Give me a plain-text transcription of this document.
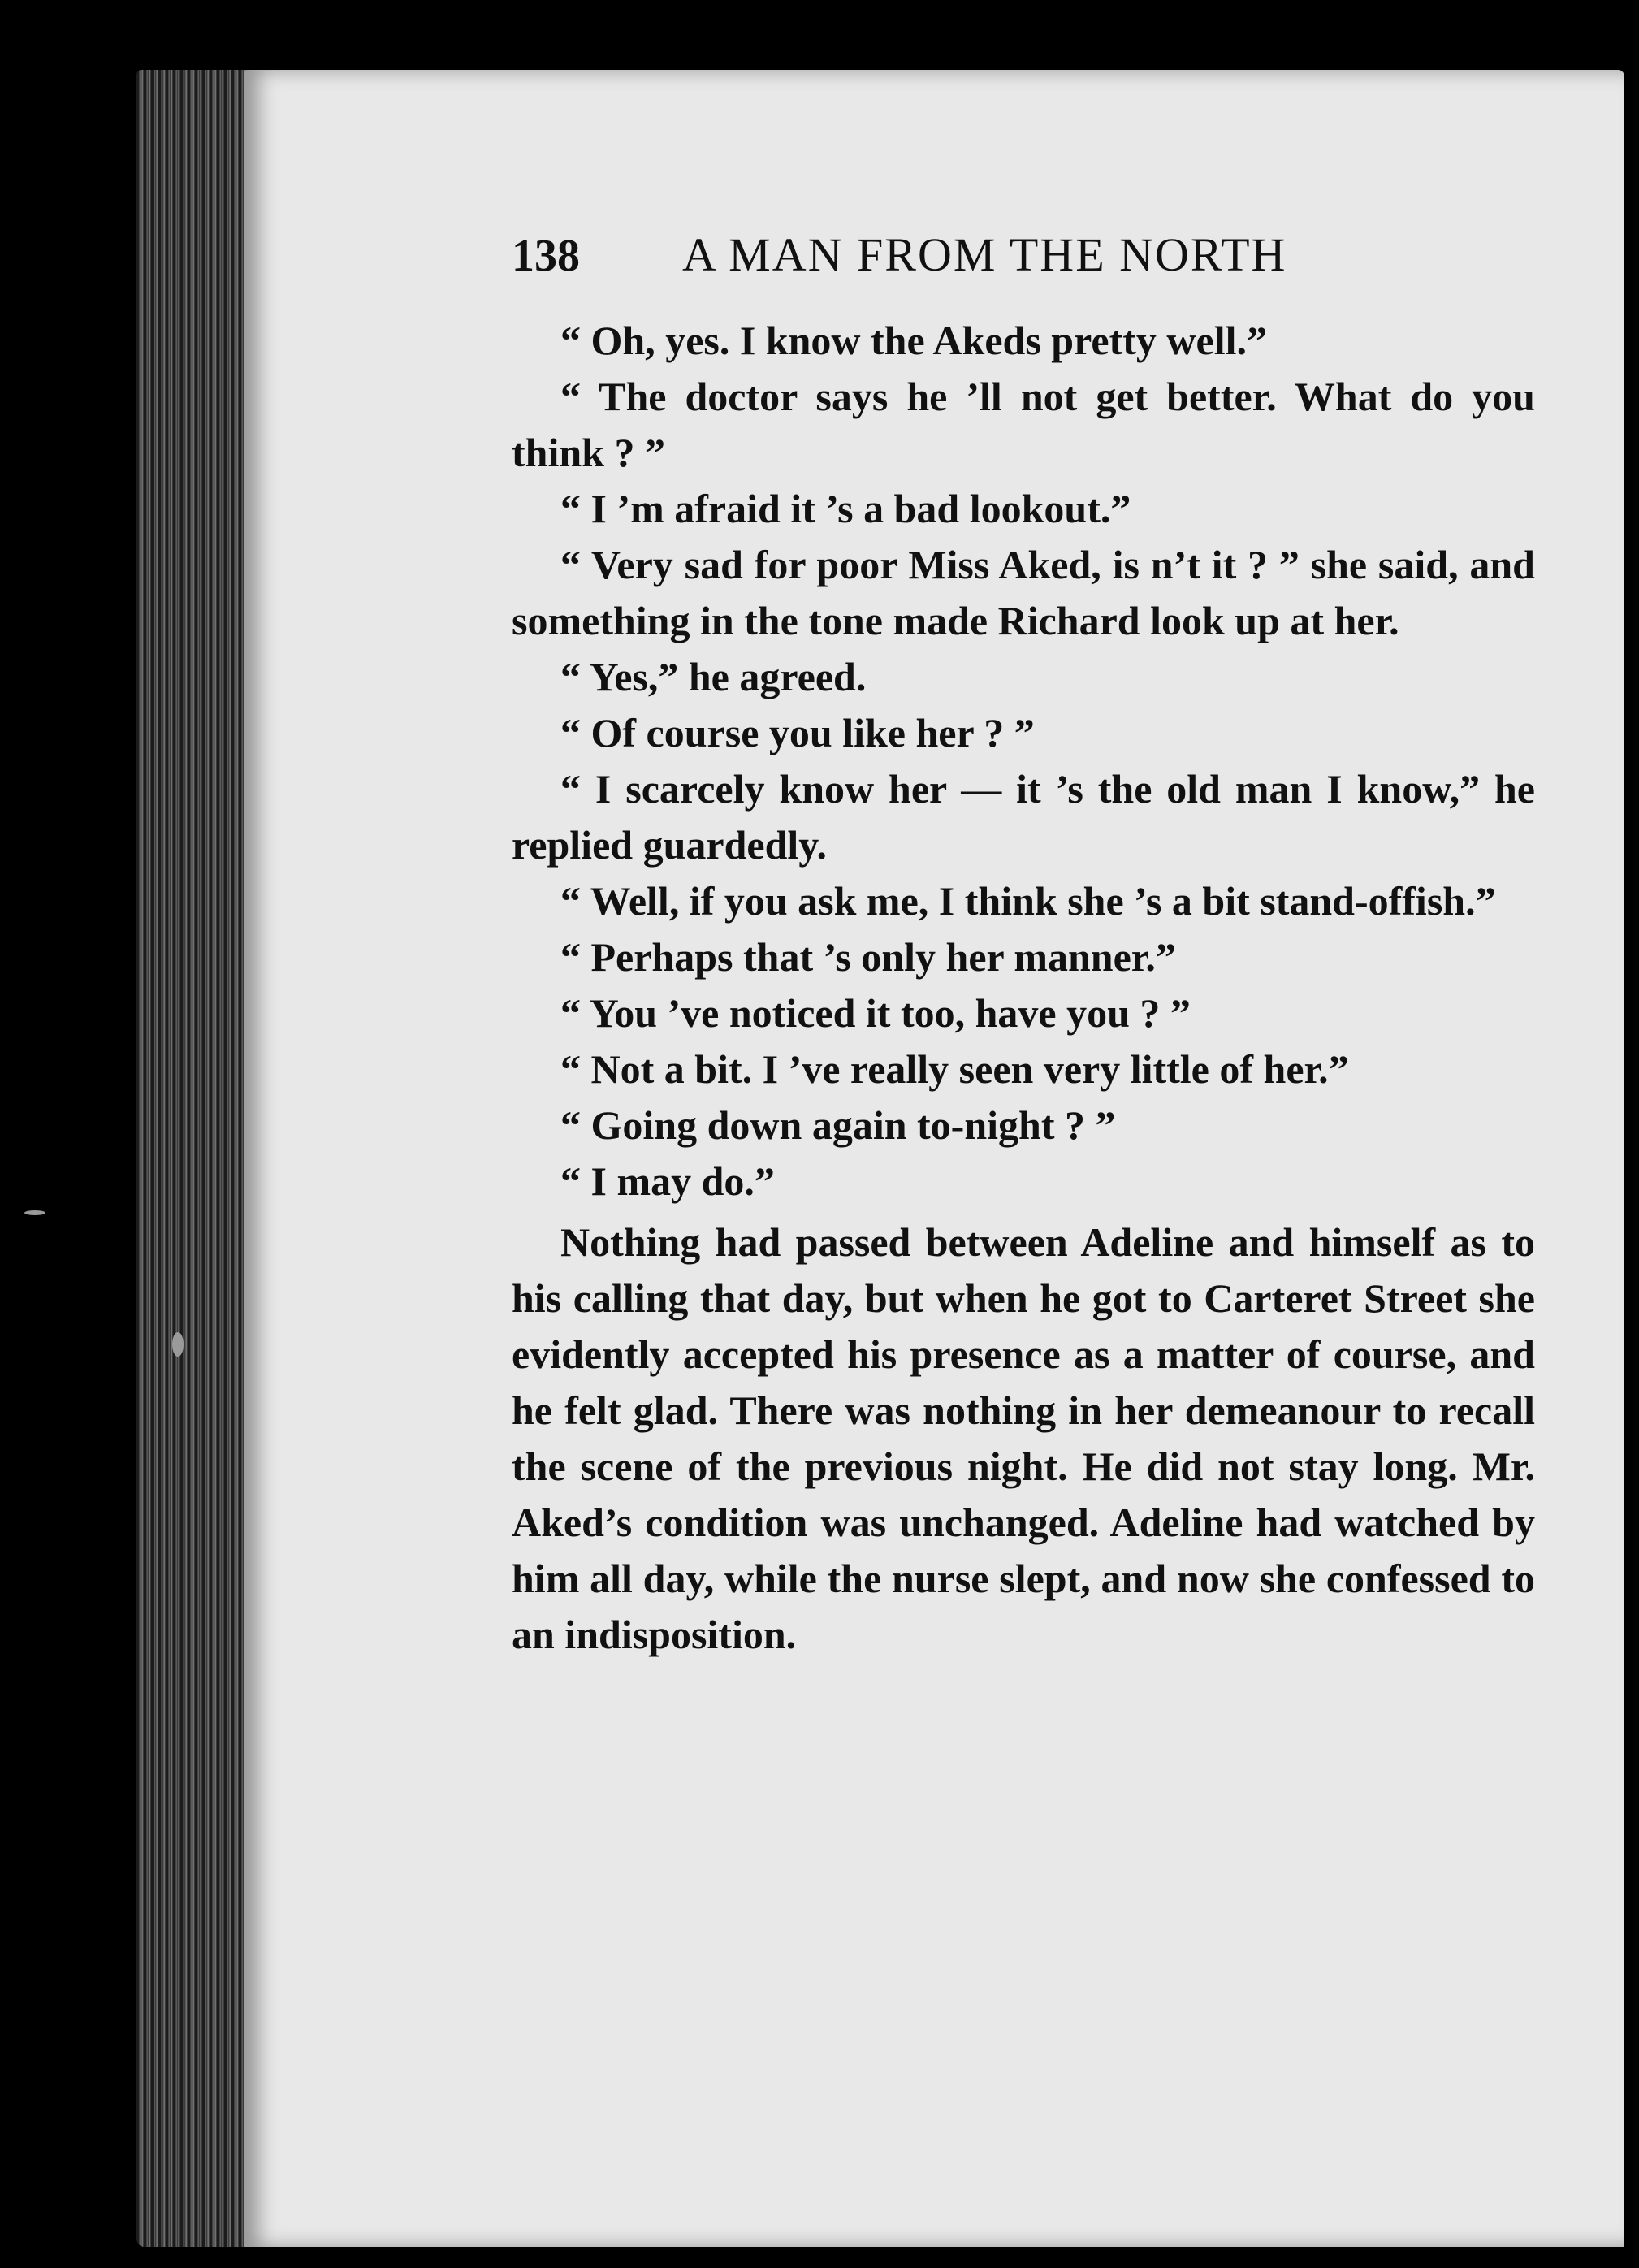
138	A MAN FROM THE NORTH

“ Oh, yes. I know the Akeds pretty well.”

“ The doctor says he ’ll not get better. What do you think ? ”

“ I ’m afraid it ’s a bad lookout.”

“ Very sad for poor Miss Aked, is n’t it ? ” she said, and something in the tone made Richard look up at her.

“ Yes,” he agreed.

“ Of course you like her ? ”

“ I scarcely know her — it ’s the old man I know,” he replied guardedly.

“ Well, if you ask me, I think she ’s a bit stand-offish.”

“ Perhaps that ’s only her manner.”

“ You ’ve noticed it too, have you ? ”

“ Not a bit. I ’ve really seen very little of her.”

“ Going down again to-night ? ”

“ I may do.”

Nothing had passed between Adeline and himself as to his calling that day, but when he got to Carteret Street she evidently accepted his presence as a matter of course, and he felt glad. There was nothing in her demeanour to recall the scene of the previous night. He did not stay long. Mr. Aked’s condition was unchanged. Adeline had watched by him all day, while the nurse slept, and now she confessed to an indisposition.
